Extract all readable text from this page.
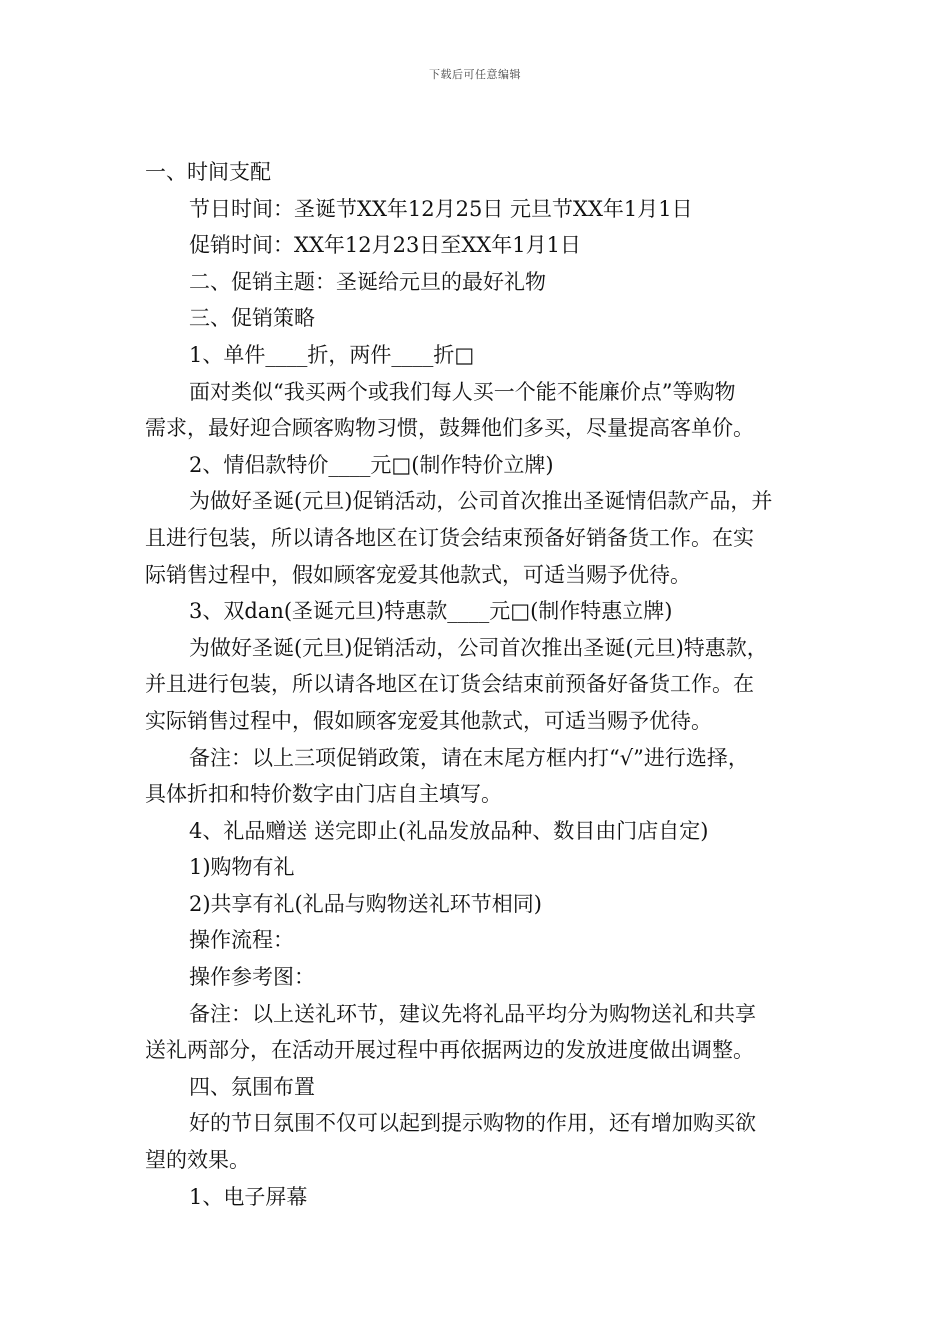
下载后可任意编辑

一、时间支配

节日时间：圣诞节XX年12月25日 元旦节XX年1月1日

促销时间：XX年12月23日至XX年1月1日

二、促销主题：圣诞给元旦的最好礼物

三、促销策略

1、单件____折，两件____折□

面对类似“我买两个或我们每人买一个能不能廉价点”等购物

需求，最好迎合顾客购物习惯，鼓舞他们多买，尽量提高客单价。

2、情侣款特价____元□(制作特价立牌)

为做好圣诞(元旦)促销活动，公司首次推出圣诞情侣款产品，并

且进行包装，所以请各地区在订货会结束预备好销备货工作。在实

际销售过程中，假如顾客宠爱其他款式，可适当赐予优待。

3、双dan(圣诞元旦)特惠款____元□(制作特惠立牌)

为做好圣诞(元旦)促销活动，公司首次推出圣诞(元旦)特惠款，

并且进行包装，所以请各地区在订货会结束前预备好备货工作。在

实际销售过程中，假如顾客宠爱其他款式，可适当赐予优待。

备注：以上三项促销政策，请在末尾方框内打“√”进行选择，

具体折扣和特价数字由门店自主填写。

4、礼品赠送 送完即止(礼品发放品种、数目由门店自定)

1)购物有礼

2)共享有礼(礼品与购物送礼环节相同)

操作流程：

操作参考图：

备注：以上送礼环节，建议先将礼品平均分为购物送礼和共享

送礼两部分，在活动开展过程中再依据两边的发放进度做出调整。

四、氛围布置

好的节日氛围不仅可以起到提示购物的作用，还有增加购买欲

望的效果。

1、电子屏幕
